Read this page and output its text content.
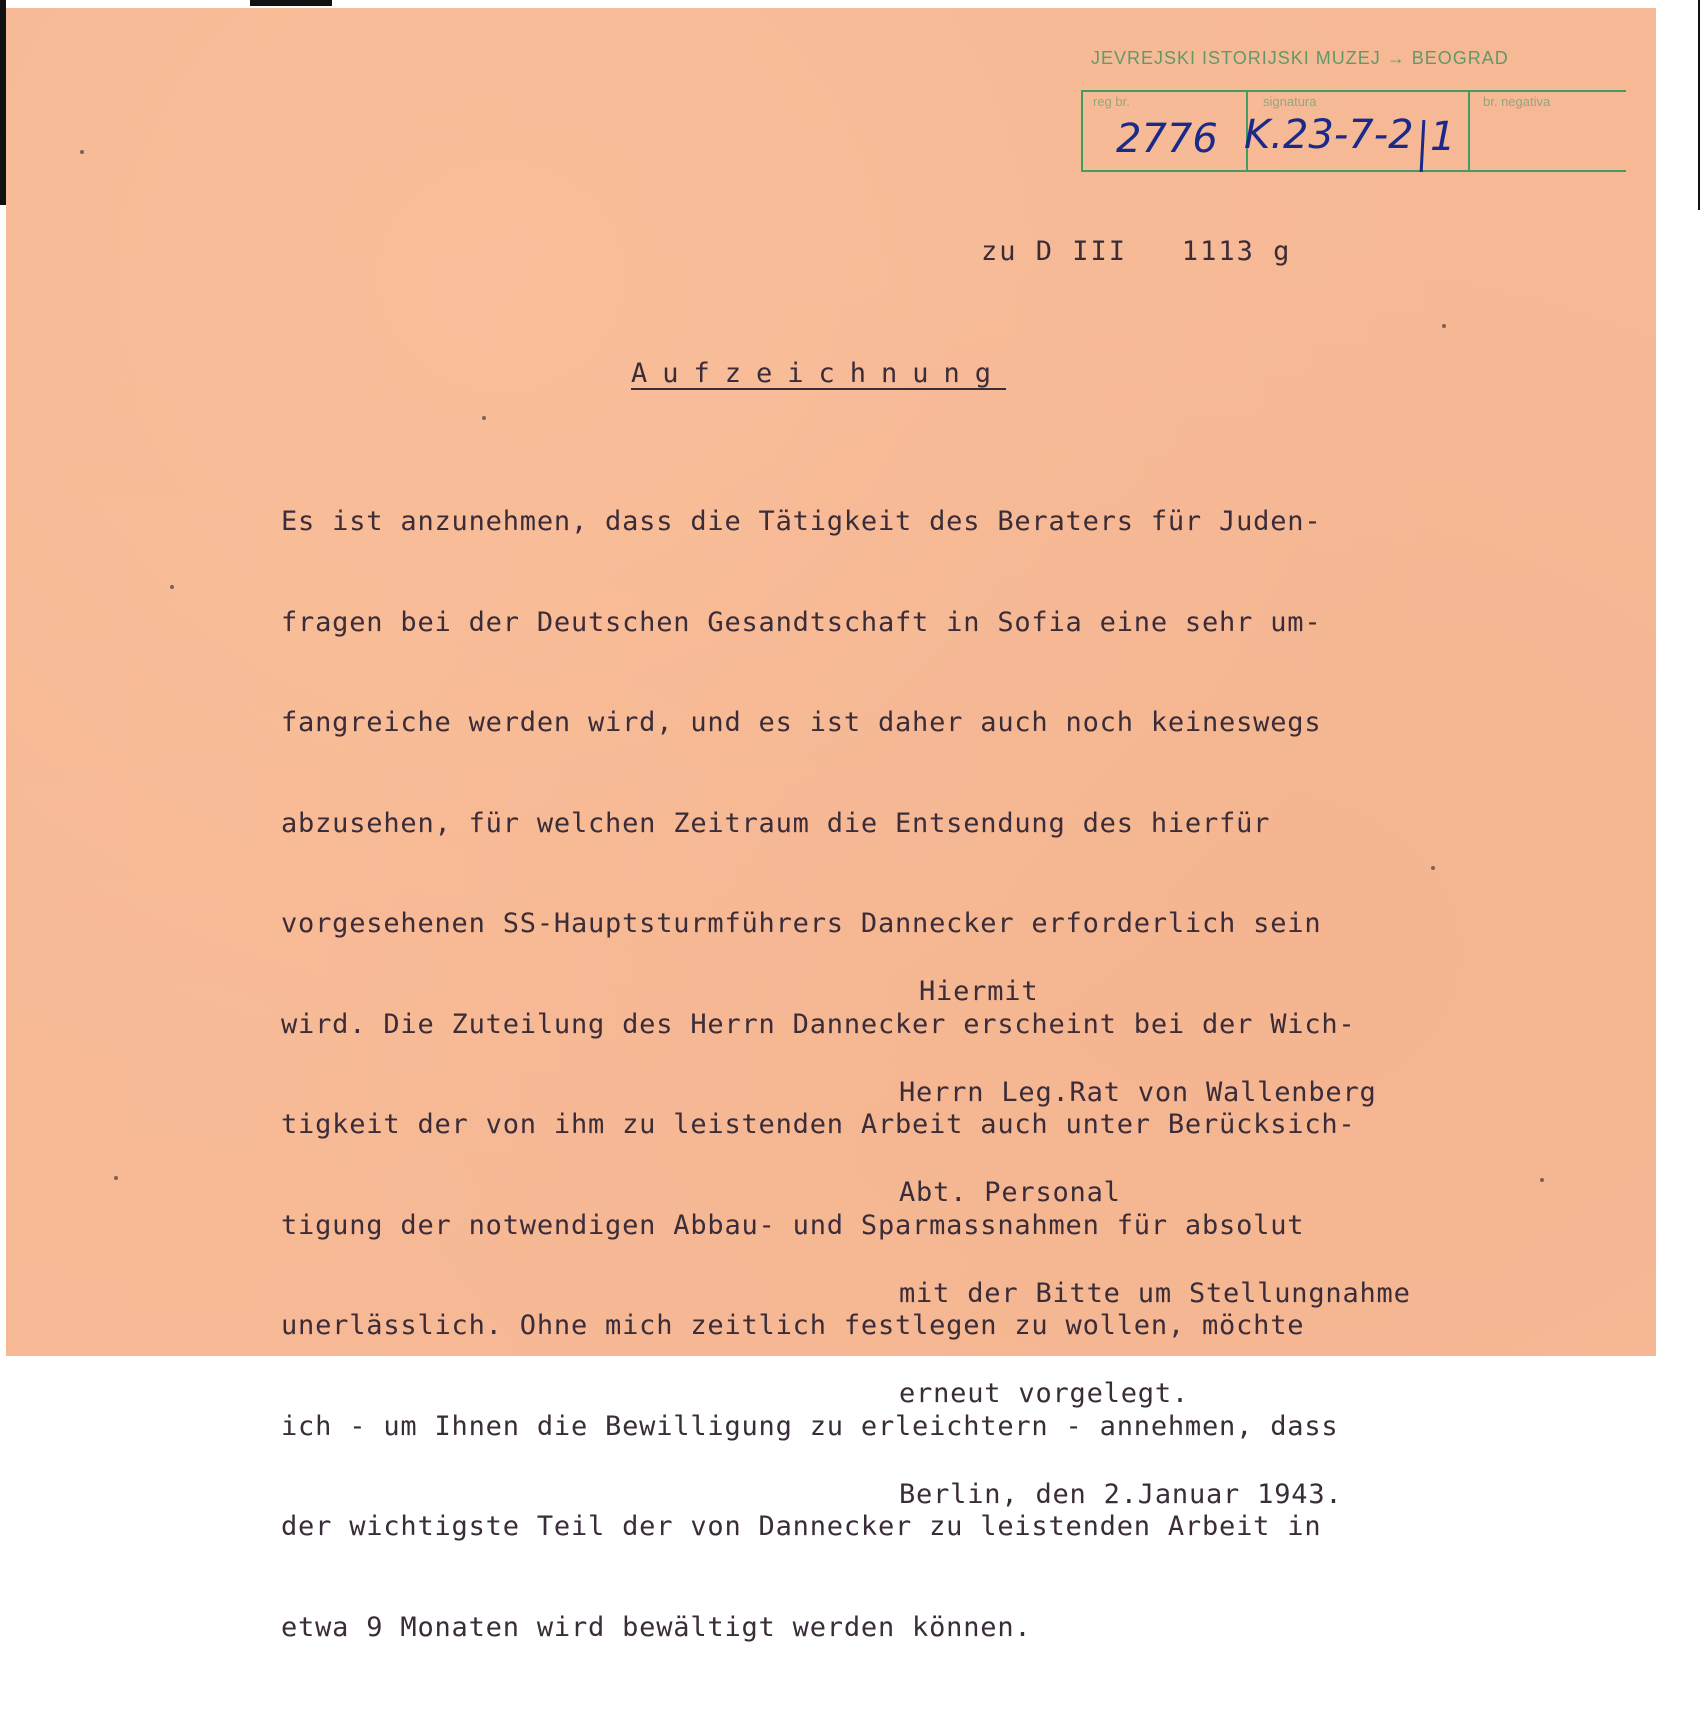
JEVREJSKI ISTORIJSKI MUZEJ → BEOGRAD
reg br.	signatura	br. negativa
2776 K.23-7-2 1
zu D III   1113 g
Aufzeichnung

Es ist anzunehmen, dass die Tätigkeit des Beraters für Juden-

fragen bei der Deutschen Gesandtschaft in Sofia eine sehr um-

fangreiche werden wird, und es ist daher auch noch keineswegs

abzusehen, für welchen Zeitraum die Entsendung des hierfür

vorgesehenen SS-Hauptsturmführers Dannecker erforderlich sein

wird. Die Zuteilung des Herrn Dannecker erscheint bei der Wich-

tigkeit der von ihm zu leistenden Arbeit auch unter Berücksich-

tigung der notwendigen Abbau- und Sparmassnahmen für absolut

unerlässlich. Ohne mich zeitlich festlegen zu wollen, möchte

ich - um Ihnen die Bewilligung zu erleichtern - annehmen, dass

der wichtigste Teil der von Dannecker zu leistenden Arbeit in

etwa 9 Monaten wird bewältigt werden können.

Hiermit

Herrn Leg.Rat von Wallenberg

Abt. Personal

mit der Bitte um Stellungnahme

erneut vorgelegt.

Berlin, den 2.Januar 1943.
